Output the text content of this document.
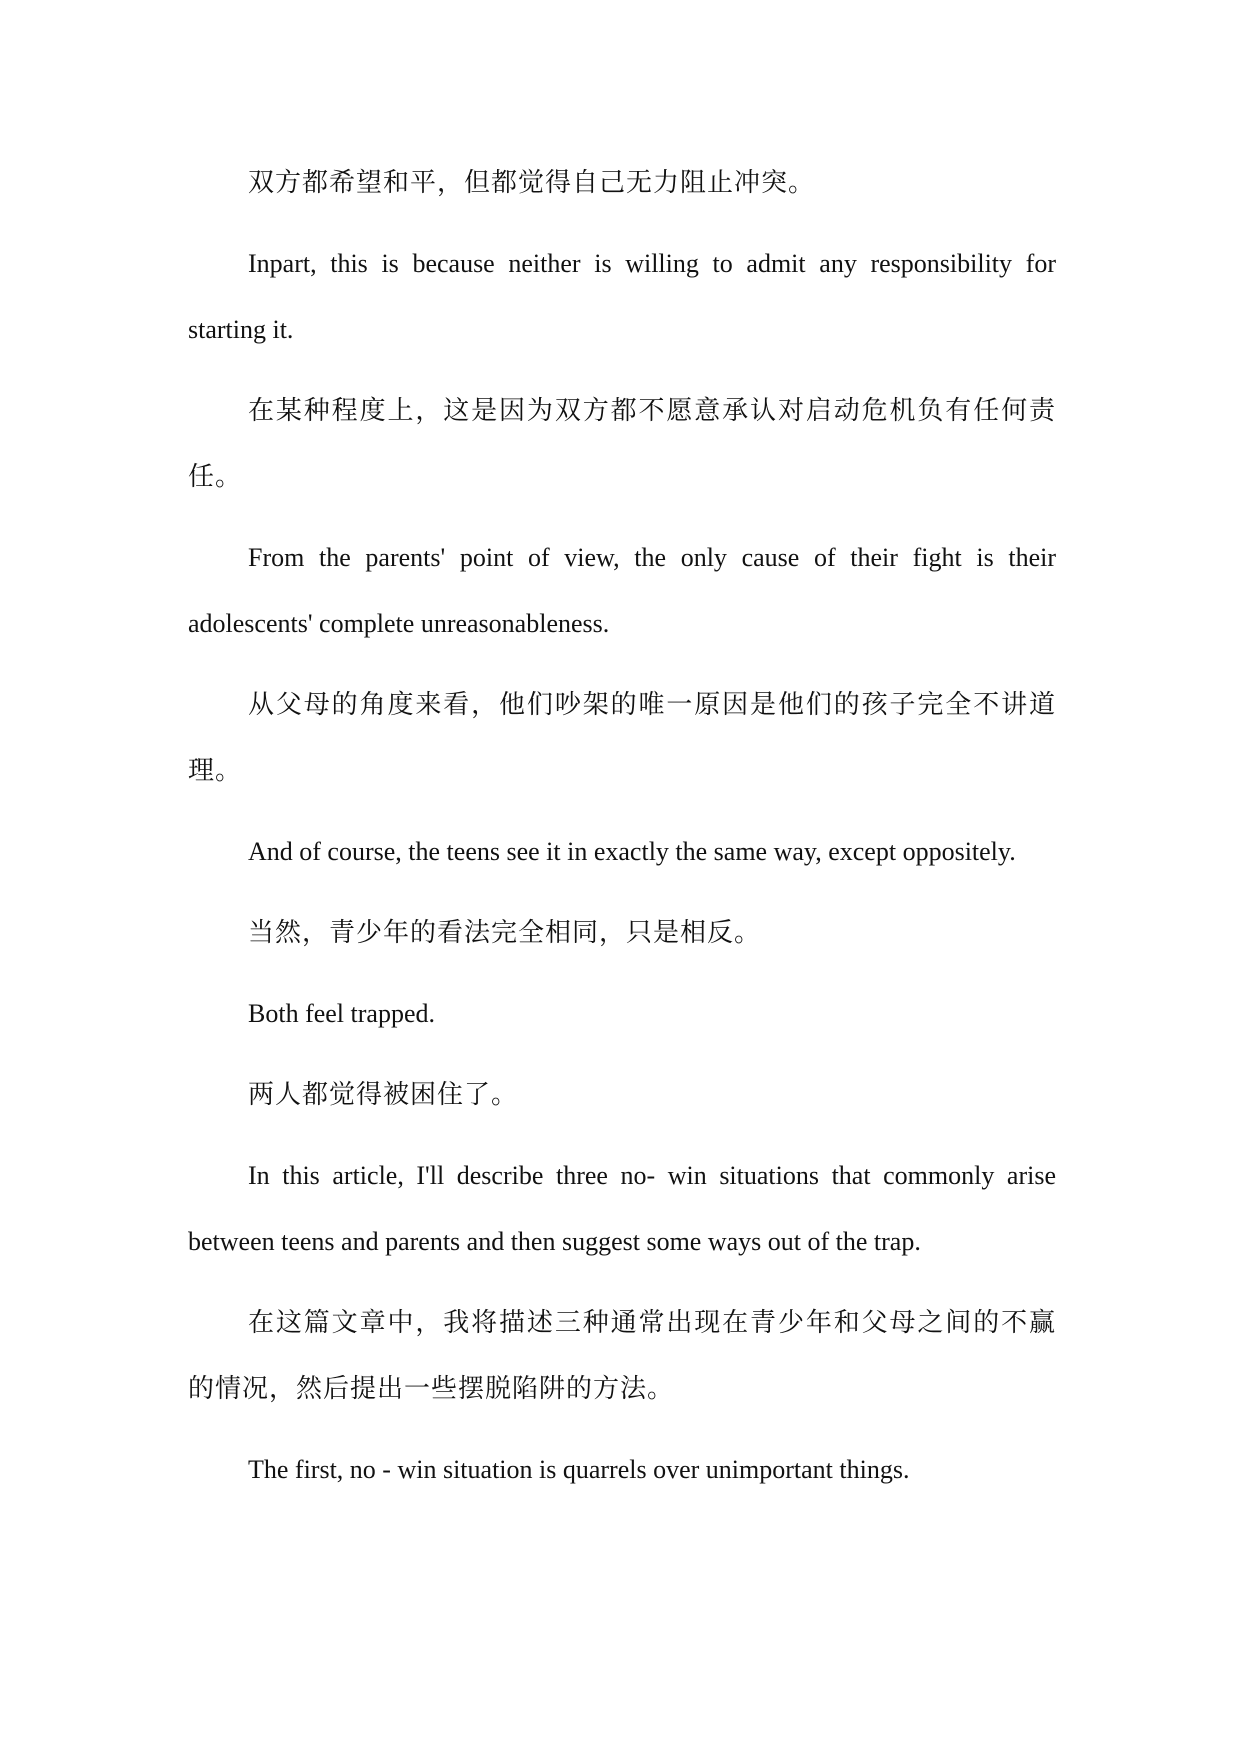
双方都希望和平，但都觉得自己无力阻止冲突。

Inpart, this is because neither is willing to admit any responsibility for starting it.

在某种程度上，这是因为双方都不愿意承认对启动危机负有任何责任。

From the parents' point of view, the only cause of their fight is their adolescents' complete unreasonableness.

从父母的角度来看，他们吵架的唯一原因是他们的孩子完全不讲道理。

And of course, the teens see it in exactly the same way, except oppositely.

当然，青少年的看法完全相同，只是相反。

Both feel trapped.

两人都觉得被困住了。

In this article, I'll describe three no- win situations that commonly arise between teens and parents and then suggest some ways out of the trap.

在这篇文章中，我将描述三种通常出现在青少年和父母之间的不赢的情况，然后提出一些摆脱陷阱的方法。

The first, no - win situation is quarrels over unimportant things.
